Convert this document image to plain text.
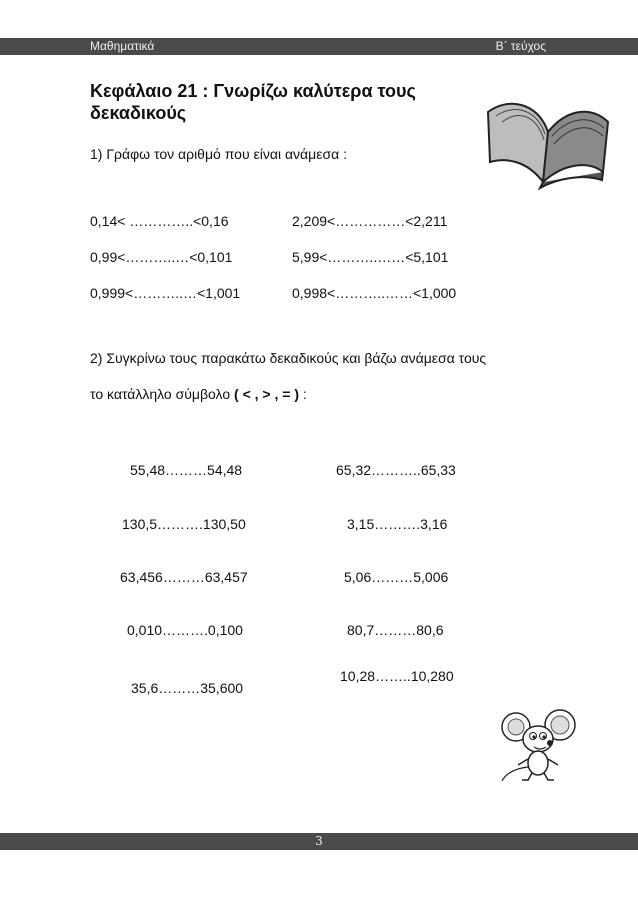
Μαθηματικά	Β΄ τεύχος
Κεφάλαιο 21 : Γνωρίζω καλύτερα τους δεκαδικούς
1) Γράφω τον αριθμό που είναι ανάμεσα :
0,14< …………..<0,16
0,99<………..…<0,101
0,999<………..…<1,001
2,209<……………<2,211
5,99<………..……<5,101
0,998<………..……<1,000
2) Συγκρίνω τους παρακάτω δεκαδικούς και βάζω ανάμεσα τους
το κατάλληλο σύμβολο ( < , > , = ) :
55,48………54,48
130,5……….130,50
63,456………63,457
0,010……….0,100
35,6………35,600
65,32………..65,33
3,15……….3,16
5,06………5,006
80,7………80,6
10,28……..10,280
3
